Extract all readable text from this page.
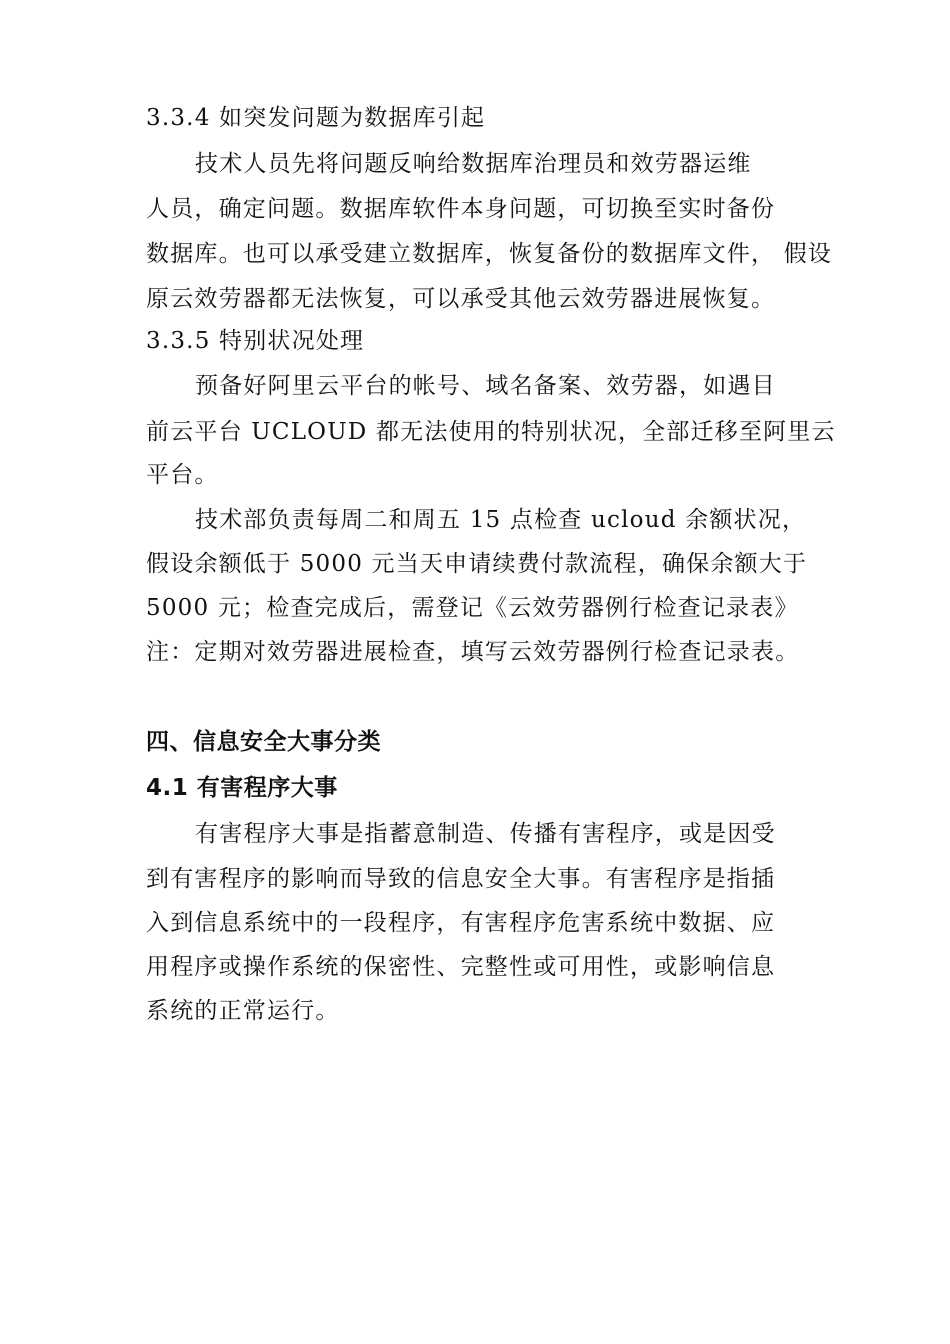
3.3.4 如突发问题为数据库引起
技术人员先将问题反响给数据库治理员和效劳器运维
人员，确定问题。数据库软件本身问题，可切换至实时备份
数据库。也可以承受建立数据库，恢复备份的数据库文件， 假设
原云效劳器都无法恢复，可以承受其他云效劳器进展恢复。
3.3.5 特别状况处理
预备好阿里云平台的帐号、域名备案、效劳器，如遇目
前云平台 UCLOUD 都无法使用的特别状况，全部迁移至阿里云
平台。
技术部负责每周二和周五 15 点检查 ucloud 余额状况，
假设余额低于 5000 元当天申请续费付款流程，确保余额大于
5000 元；检查完成后，需登记《云效劳器例行检查记录表》
注：定期对效劳器进展检查，填写云效劳器例行检查记录表。
四、信息安全大事分类
4.1 有害程序大事
有害程序大事是指蓄意制造、传播有害程序，或是因受
到有害程序的影响而导致的信息安全大事。有害程序是指插
入到信息系统中的一段程序，有害程序危害系统中数据、应
用程序或操作系统的保密性、完整性或可用性，或影响信息
系统的正常运行。
